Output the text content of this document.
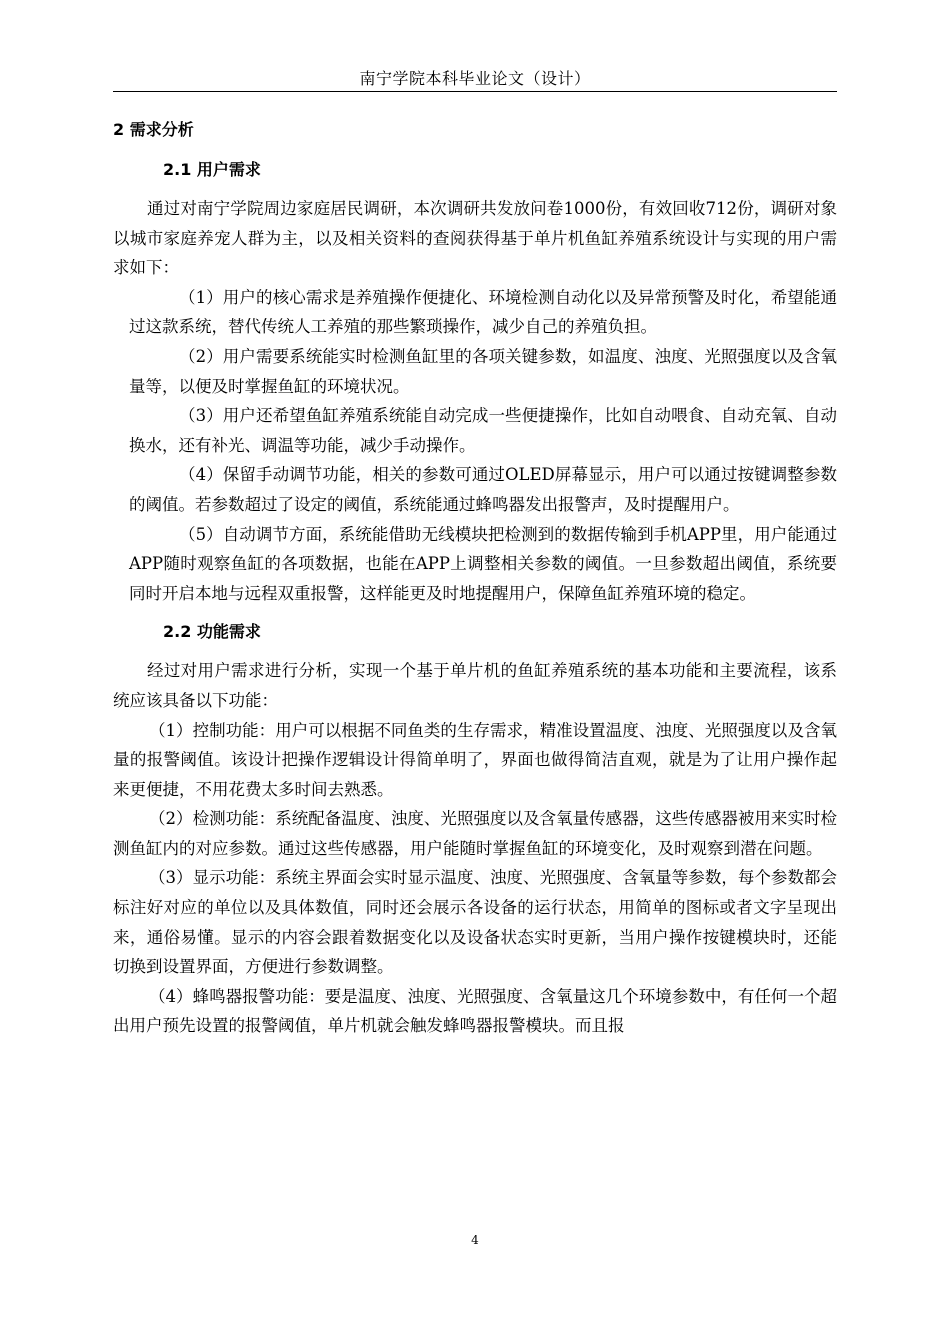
南宁学院本科毕业论文（设计）
2 需求分析
2.1 用户需求

通过对南宁学院周边家庭居民调研，本次调研共发放问卷1000份，有效回收712份，调研对象以城市家庭养宠人群为主，以及相关资料的查阅获得基于单片机鱼缸养殖系统设计与实现的用户需求如下：

（1）用户的核心需求是养殖操作便捷化、环境检测自动化以及异常预警及时化，希望能通过这款系统，替代传统人工养殖的那些繁琐操作，减少自己的养殖负担。

（2）用户需要系统能实时检测鱼缸里的各项关键参数，如温度、浊度、光照强度以及含氧量等，以便及时掌握鱼缸的环境状况。

（3）用户还希望鱼缸养殖系统能自动完成一些便捷操作，比如自动喂食、自动充氧、自动换水，还有补光、调温等功能，减少手动操作。

（4）保留手动调节功能，相关的参数可通过OLED屏幕显示，用户可以通过按键调整参数的阈值。若参数超过了设定的阈值，系统能通过蜂鸣器发出报警声，及时提醒用户。

（5）自动调节方面，系统能借助无线模块把检测到的数据传输到手机APP里，用户能通过APP随时观察鱼缸的各项数据，也能在APP上调整相关参数的阈值。一旦参数超出阈值，系统要同时开启本地与远程双重报警，这样能更及时地提醒用户，保障鱼缸养殖环境的稳定。

2.2 功能需求

经过对用户需求进行分析，实现一个基于单片机的鱼缸养殖系统的基本功能和主要流程，该系统应该具备以下功能：

（1）控制功能：用户可以根据不同鱼类的生存需求，精准设置温度、浊度、光照强度以及含氧量的报警阈值。该设计把操作逻辑设计得简单明了，界面也做得简洁直观，就是为了让用户操作起来更便捷，不用花费太多时间去熟悉。

（2）检测功能：系统配备温度、浊度、光照强度以及含氧量传感器，这些传感器被用来实时检测鱼缸内的对应参数。通过这些传感器，用户能随时掌握鱼缸的环境变化，及时观察到潜在问题。

（3）显示功能：系统主界面会实时显示温度、浊度、光照强度、含氧量等参数，每个参数都会标注好对应的单位以及具体数值，同时还会展示各设备的运行状态，用简单的图标或者文字呈现出来，通俗易懂。显示的内容会跟着数据变化以及设备状态实时更新，当用户操作按键模块时，还能切换到设置界面，方便进行参数调整。

（4）蜂鸣器报警功能：要是温度、浊度、光照强度、含氧量这几个环境参数中，有任何一个超出用户预先设置的报警阈值，单片机就会触发蜂鸣器报警模块。而且报

4
